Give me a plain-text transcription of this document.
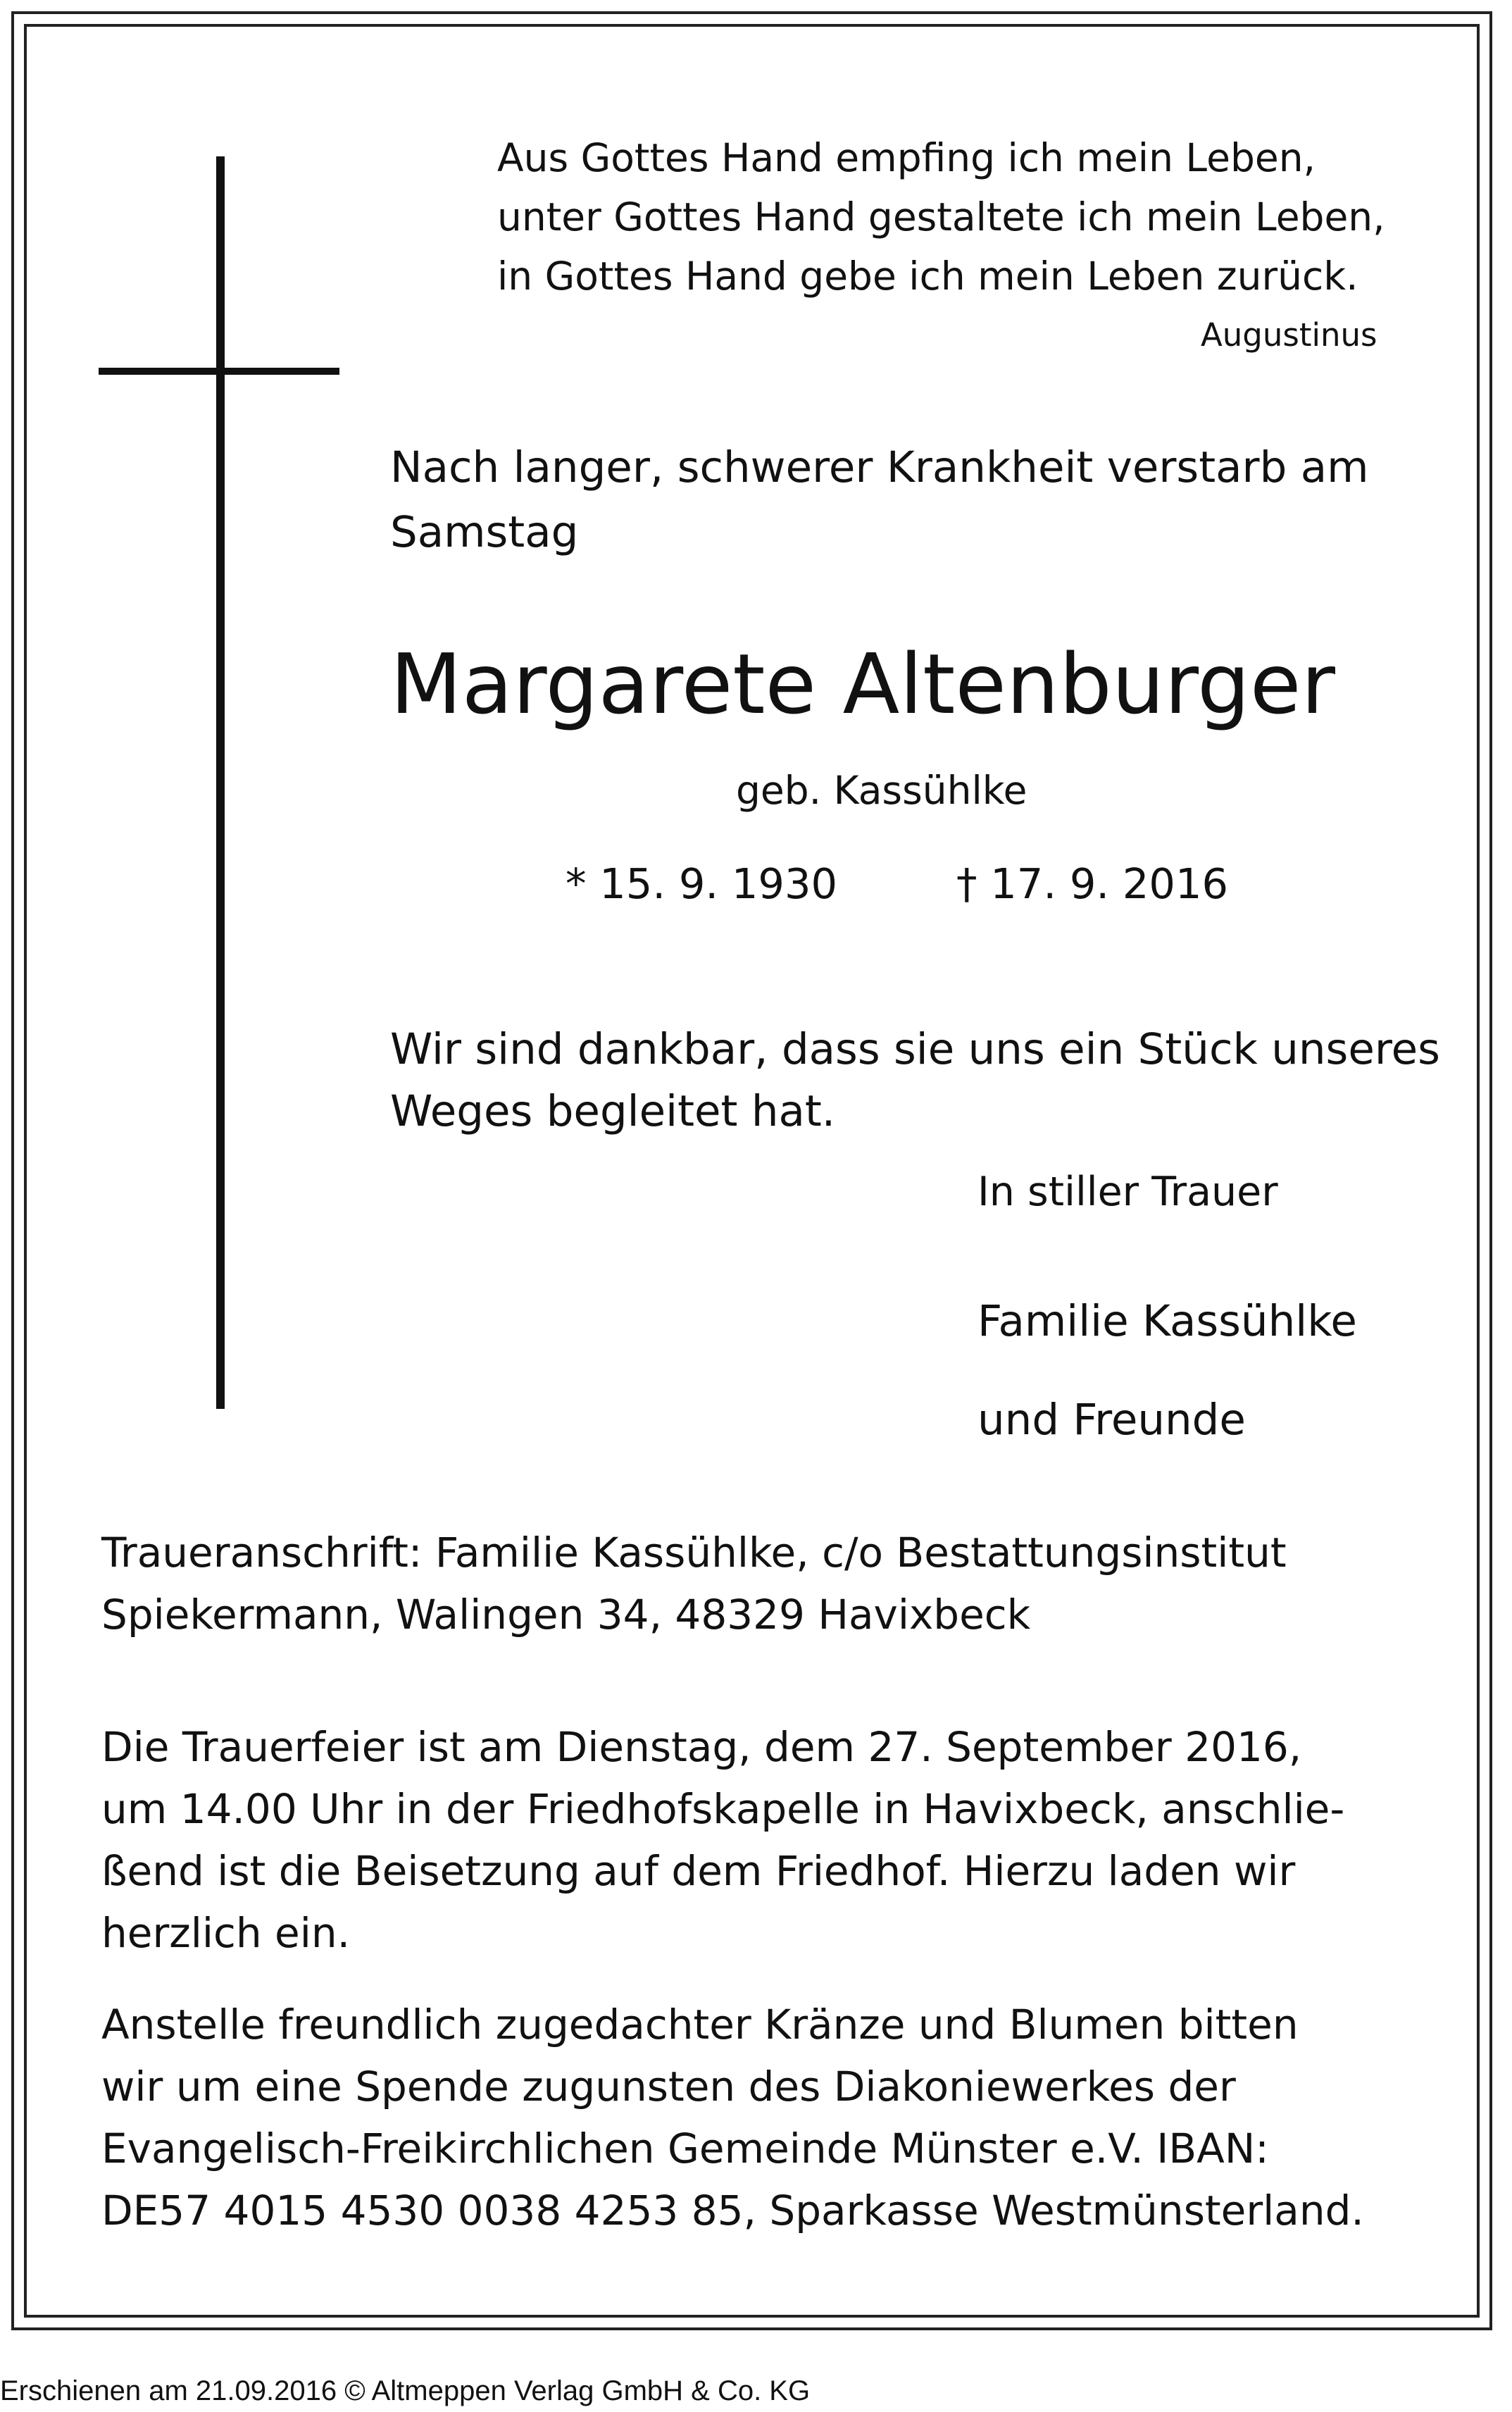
Aus Gottes Hand empfing ich mein Leben,
unter Gottes Hand gestaltete ich mein Leben,
in Gottes Hand gebe ich mein Leben zurück.
Augustinus
Nach langer, schwerer Krankheit verstarb am
Samstag
Margarete Altenburger
geb. Kassühlke
* 15. 9. 1930	† 17. 9. 2016
Wir sind dankbar, dass sie uns ein Stück unseres
Weges begleitet hat.
In stiller Trauer
Familie Kassühlke
und Freunde
Traueranschrift: Familie Kassühlke, c/o Bestattungsinstitut
Spiekermann, Walingen 34, 48329 Havixbeck
Die Trauerfeier ist am Dienstag, dem 27. September 2016,
um 14.00 Uhr in der Friedhofskapelle in Havixbeck, anschlie-
ßend ist die Beisetzung auf dem Friedhof. Hierzu laden wir
herzlich ein.
Anstelle freundlich zugedachter Kränze und Blumen bitten
wir um eine Spende zugunsten des Diakoniewerkes der
Evangelisch-Freikirchlichen Gemeinde Münster e.V. IBAN:
DE57 4015 4530 0038 4253 85, Sparkasse Westmünsterland.
Erschienen am 21.09.2016 © Altmeppen Verlag GmbH & Co. KG
